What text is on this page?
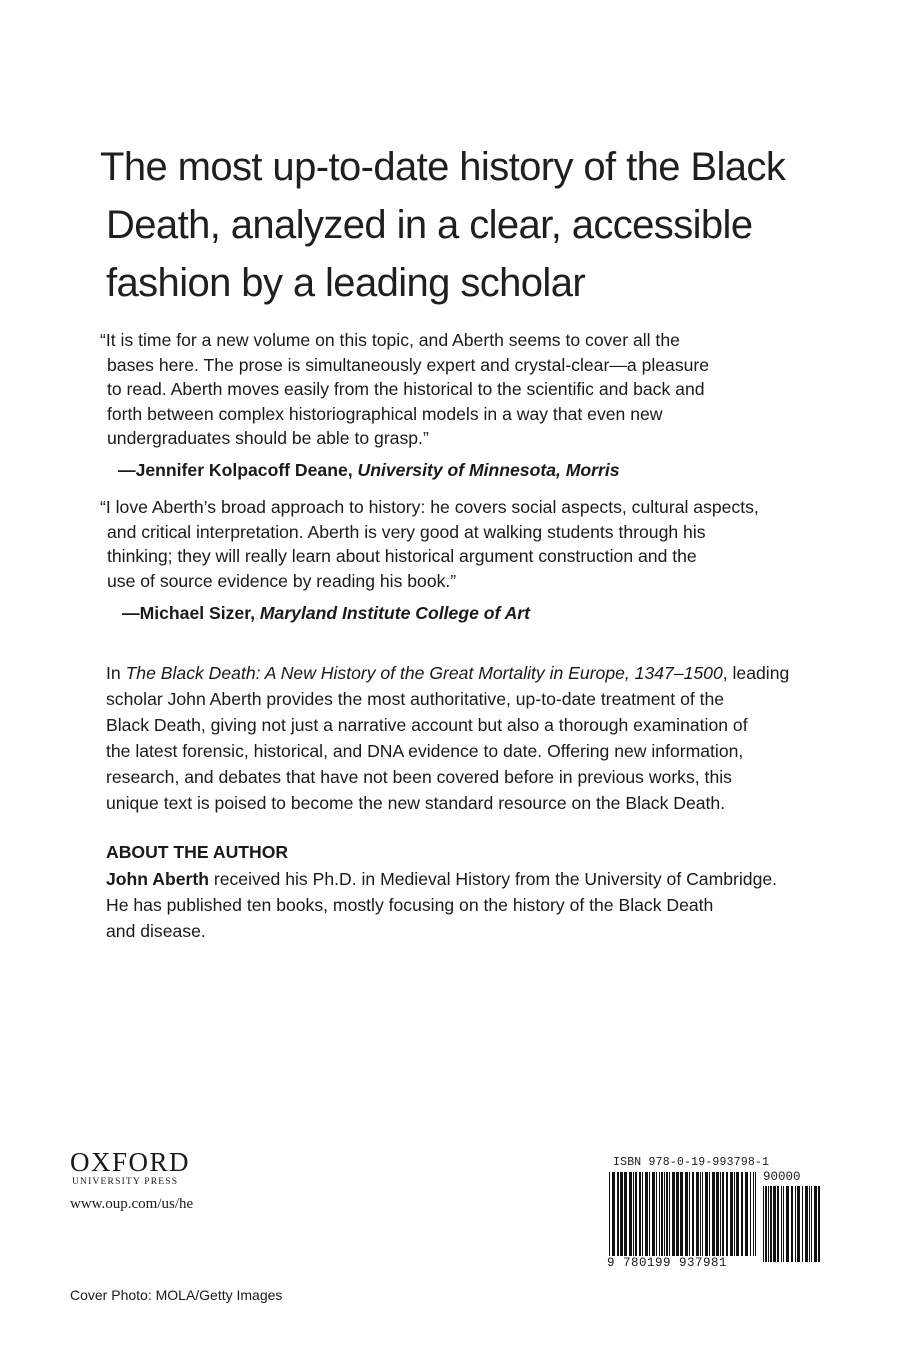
The most up-to-date history of the Black
Death, analyzed in a clear, accessible
fashion by a leading scholar

“It is time for a new volume on this topic, and Aberth seems to cover all the
bases here. The prose is simultaneously expert and crystal-clear—a pleasure
to read. Aberth moves easily from the historical to the scientific and back and
forth between complex historiographical models in a way that even new
undergraduates should be able to grasp.”

—Jennifer Kolpacoff Deane, University of Minnesota, Morris

“I love Aberth’s broad approach to history: he covers social aspects, cultural aspects,
and critical interpretation. Aberth is very good at walking students through his
thinking; they will really learn about historical argument construction and the
use of source evidence by reading his book.”

—Michael Sizer, Maryland Institute College of Art

In The Black Death: A New History of the Great Mortality in Europe, 1347–1500, leading
scholar John Aberth provides the most authoritative, up-to-date treatment of the
Black Death, giving not just a narrative account but also a thorough examination of
the latest forensic, historical, and DNA evidence to date. Offering new information,
research, and debates that have not been covered before in previous works, this
unique text is poised to become the new standard resource on the Black Death.

ABOUT THE AUTHOR

John Aberth received his Ph.D. in Medieval History from the University of Cambridge.
He has published ten books, mostly focusing on the history of the Black Death
and disease.

OXFORD
UNIVERSITY PRESS
www.oup.com/us/he
Cover Photo: MOLA/Getty Images
ISBN 978-0-19-993798-1
90000
9 780199 937981
